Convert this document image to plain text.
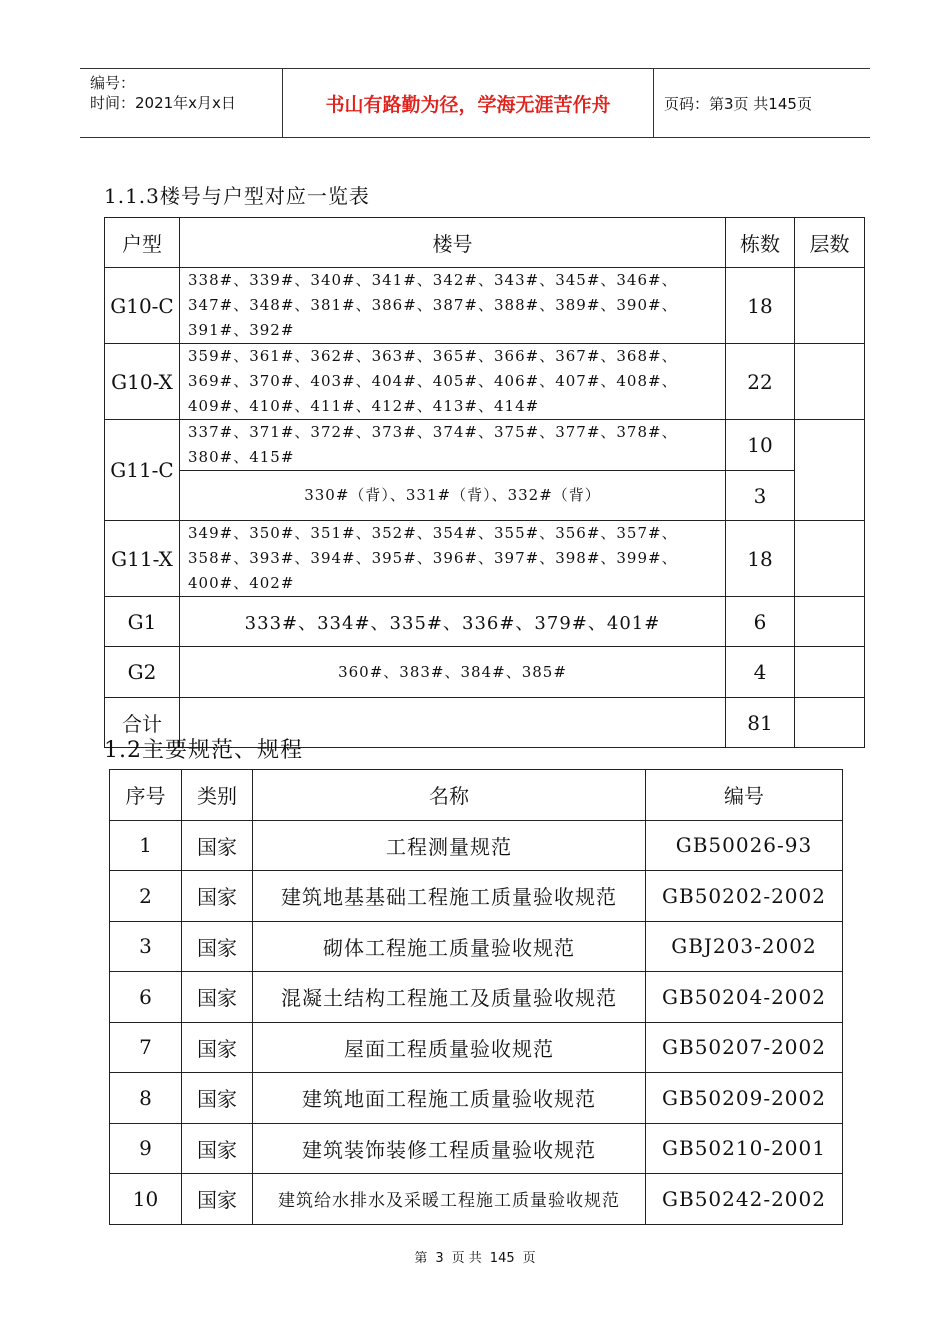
编号：
时间：2021年x月x日	书山有路勤为径，学海无涯苦作舟	页码：第3页 共145页
1.1.3楼号与户型对应一览表
户型	楼号	栋数	层数
G10-C	338#、339#、340#、341#、342#、343#、345#、346#、347#、348#、381#、386#、387#、388#、389#、390#、391#、392#	18	
G10-X	359#、361#、362#、363#、365#、366#、367#、368#、369#、370#、403#、404#、405#、406#、407#、408#、409#、410#、411#、412#、413#、414#	22	
G11-C	337#、371#、372#、373#、374#、375#、377#、378#、380#、415#	10	
	330#（背）、331#（背）、332#（背）	3	
G11-X	349#、350#、351#、352#、354#、355#、356#、357#、358#、393#、394#、395#、396#、397#、398#、399#、400#、402#	18	
G1	333#、334#、335#、336#、379#、401#	6	
G2	360#、383#、384#、385#	4	
合计		81	
1.2主要规范、规程
序号	类别	名称	编号
1	国家	工程测量规范	GB50026-93
2	国家	建筑地基基础工程施工质量验收规范	GB50202-2002
3	国家	砌体工程施工质量验收规范	GBJ203-2002
6	国家	混凝土结构工程施工及质量验收规范	GB50204-2002
7	国家	屋面工程质量验收规范	GB50207-2002
8	国家	建筑地面工程施工质量验收规范	GB50209-2002
9	国家	建筑装饰装修工程质量验收规范	GB50210-2001
10	国家	建筑给水排水及采暖工程施工质量验收规范	GB50242-2002
第 3 页 共 145 页
